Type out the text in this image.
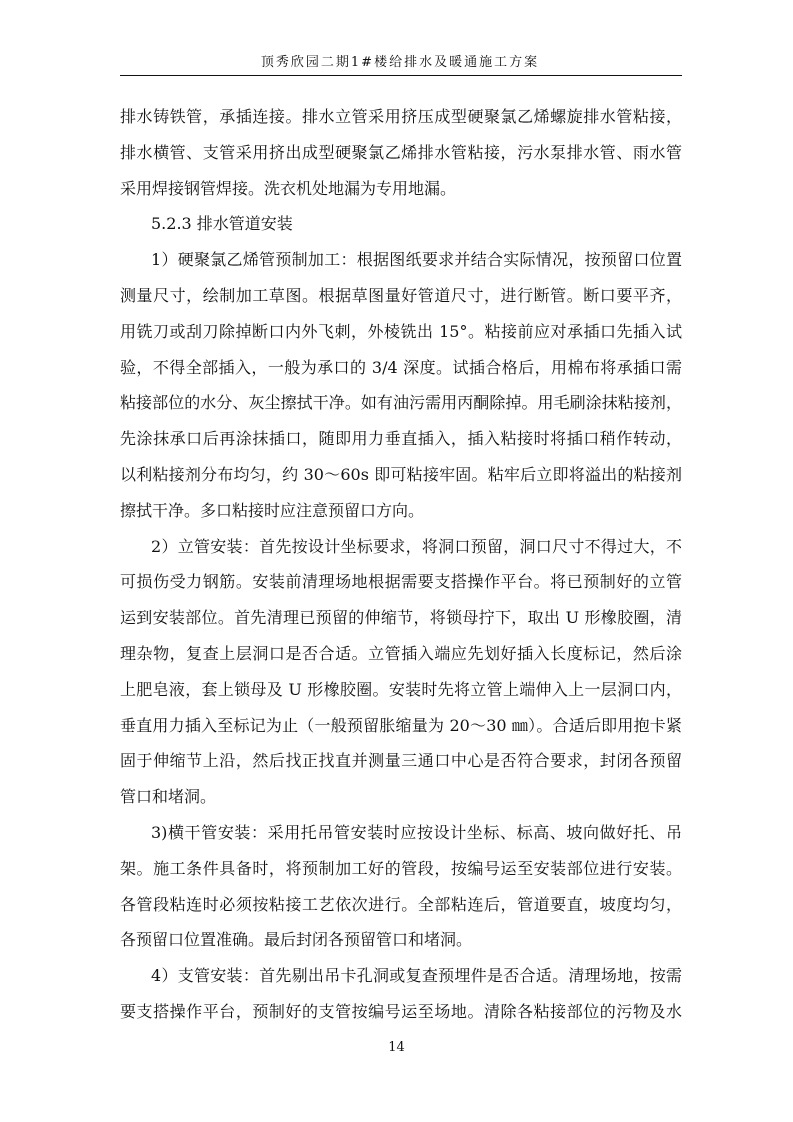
顶秀欣园二期1#楼给排水及暖通施工方案
排水铸铁管，承插连接。排水立管采用挤压成型硬聚氯乙烯螺旋排水管粘接，
排水横管、支管采用挤出成型硬聚氯乙烯排水管粘接，污水泵排水管、雨水管
采用焊接钢管焊接。洗衣机处地漏为专用地漏。
5.2.3 排水管道安装
1）硬聚氯乙烯管预制加工：根据图纸要求并结合实际情况，按预留口位置
测量尺寸，绘制加工草图。根据草图量好管道尺寸，进行断管。断口要平齐，
用铣刀或刮刀除掉断口内外飞刺，外棱铣出 15°。粘接前应对承插口先插入试
验，不得全部插入，一般为承口的 3/4 深度。试插合格后，用棉布将承插口需
粘接部位的水分、灰尘擦拭干净。如有油污需用丙酮除掉。用毛刷涂抹粘接剂，
先涂抹承口后再涂抹插口，随即用力垂直插入，插入粘接时将插口稍作转动，
以利粘接剂分布均匀，约 30～60s 即可粘接牢固。粘牢后立即将溢出的粘接剂
擦拭干净。多口粘接时应注意预留口方向。
2）立管安装：首先按设计坐标要求，将洞口预留，洞口尺寸不得过大，不
可损伤受力钢筋。安装前清理场地根据需要支搭操作平台。将已预制好的立管
运到安装部位。首先清理已预留的伸缩节，将锁母拧下，取出 U 形橡胶圈，清
理杂物，复查上层洞口是否合适。立管插入端应先划好插入长度标记，然后涂
上肥皂液，套上锁母及 U 形橡胶圈。安装时先将立管上端伸入上一层洞口内，
垂直用力插入至标记为止（一般预留胀缩量为 20～30 ㎜）。合适后即用抱卡紧
固于伸缩节上沿，然后找正找直并测量三通口中心是否符合要求，封闭各预留
管口和堵洞。
3)横干管安装：采用托吊管安装时应按设计坐标、标高、坡向做好托、吊
架。施工条件具备时，将预制加工好的管段，按编号运至安装部位进行安装。
各管段粘连时必须按粘接工艺依次进行。全部粘连后，管道要直，坡度均匀，
各预留口位置准确。最后封闭各预留管口和堵洞。
4）支管安装：首先剔出吊卡孔洞或复查预埋件是否合适。清理场地，按需
要支搭操作平台，预制好的支管按编号运至场地。清除各粘接部位的污物及水
14
